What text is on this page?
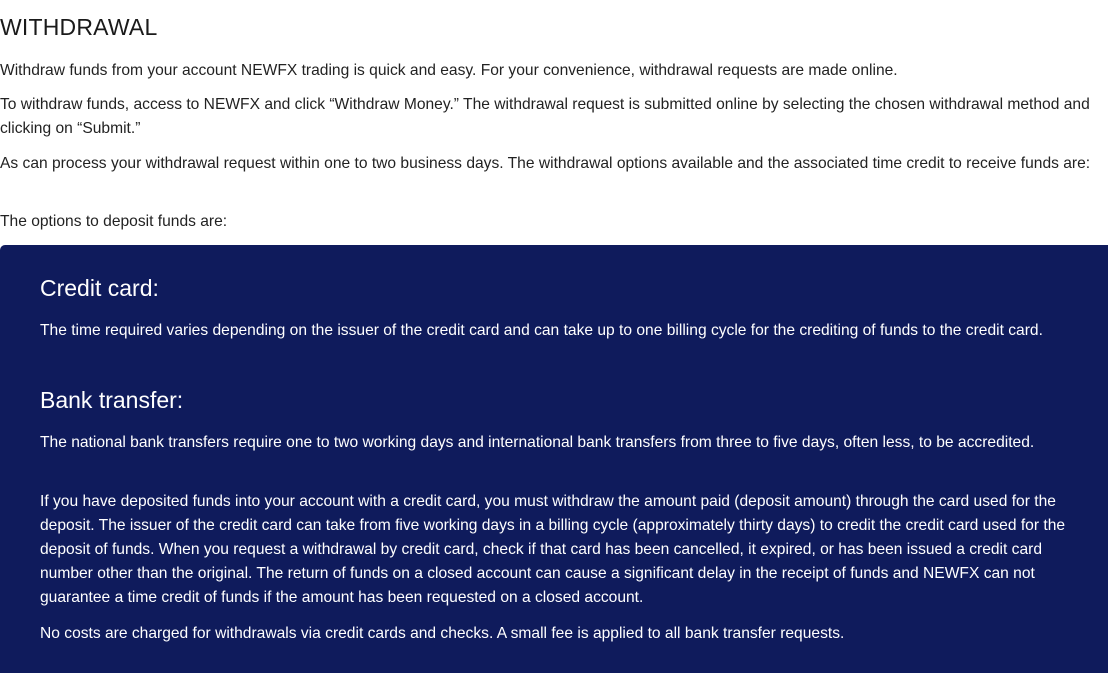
WITHDRAWAL

Withdraw funds from your account NEWFX trading is quick and easy. For your convenience, withdrawal requests are made online.

To withdraw funds, access to NEWFX and click “Withdraw Money.” The withdrawal request is submitted online by selecting the chosen withdrawal method and clicking on “Submit.”

As can process your withdrawal request within one to two business days. The withdrawal options available and the associated time credit to receive funds are:

The options to deposit funds are:

Credit card:

The time required varies depending on the issuer of the credit card and can take up to one billing cycle for the crediting of funds to the credit card.

Bank transfer:

The national bank transfers require one to two working days and international bank transfers from three to five days, often less, to be accredited.

If you have deposited funds into your account with a credit card, you must withdraw the amount paid (deposit amount) through the card used for the deposit. The issuer of the credit card can take from five working days in a billing cycle (approximately thirty days) to credit the credit card used for the deposit of funds. When you request a withdrawal by credit card, check if that card has been cancelled, it expired, or has been issued a credit card number other than the original. The return of funds on a closed account can cause a significant delay in the receipt of funds and NEWFX can not guarantee a time credit of funds if the amount has been requested on a closed account.

No costs are charged for withdrawals via credit cards and checks. A small fee is applied to all bank transfer requests.
